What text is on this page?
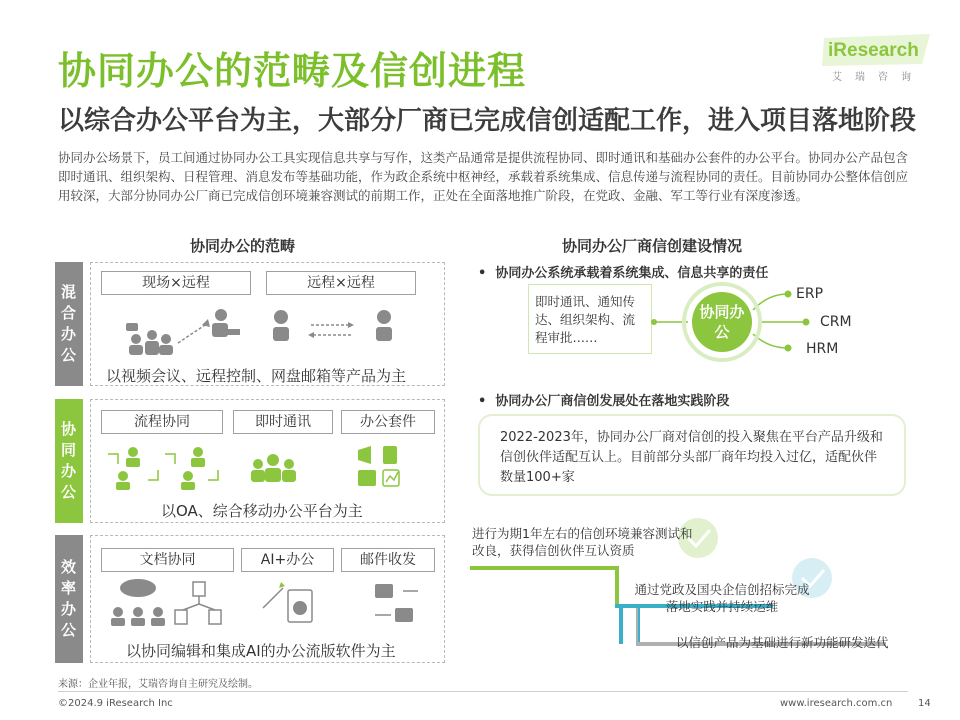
协同办公的范畴及信创进程
以综合办公平台为主，大部分厂商已完成信创适配工作，进入项目落地阶段
iResearch
艾瑞咨询
协同办公场景下，员工间通过协同办公工具实现信息共享与写作，这类产品通常是提供流程协同、即时通讯和基础办公套件的办公平台。协同办公产品包含即时通讯、组织架构、日程管理、消息发布等基础功能，作为政企系统中枢神经，承载着系统集成、信息传递与流程协同的责任。目前协同办公整体信创应用较深，大部分协同办公厂商已完成信创环境兼容测试的前期工作，正处在全面落地推广阶段，在党政、金融、军工等行业有深度渗透。
协同办公的范畴
混合办公
现场×远程	远程×远程
以视频会议、远程控制、网盘邮箱等产品为主
协同办公
流程协同	即时通讯	办公套件
以OA、综合移动办公平台为主
效率办公
文档协同	AI+办公	邮件收发
以协同编辑和集成AI的办公流版软件为主
协同办公厂商信创建设情况
•  协同办公系统承载着系统集成、信息共享的责任
即时通讯、通知传达、组织架构、流程审批……
协同办公
ERP
CRM
HRM
•  协同办公厂商信创发展处在落地实践阶段
2022-2023年，协同办公厂商对信创的投入聚焦在平台产品升级和信创伙伴适配互认上。目前部分头部厂商年均投入过亿，适配伙伴数量100+家
进行为期1年左右的信创环境兼容测试和改良，获得信创伙伴互认资质
通过党政及国央企信创招标完成落地实践并持续运维
以信创产品为基础进行新功能研发迭代
来源：企业年报，艾瑞咨询自主研究及绘制。
©2024.9 iResearch Inc	www.iresearch.com.cn	14
